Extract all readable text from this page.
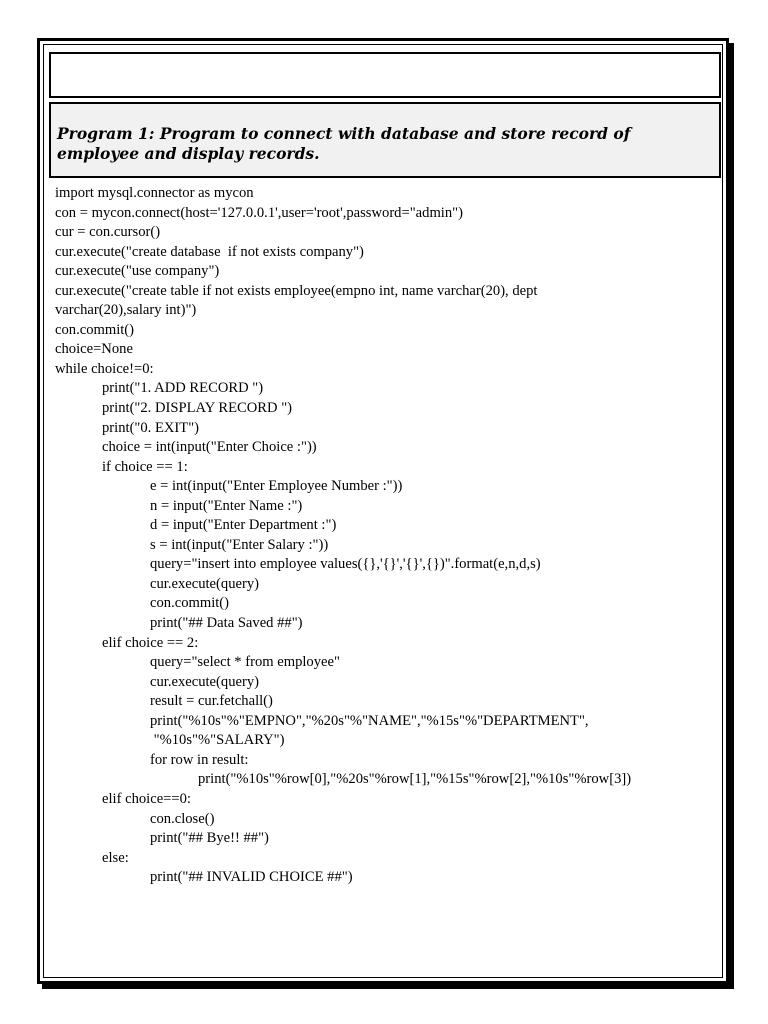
Program 1: Program to connect with database and store record of employee and display records.

import mysql.connector as mycon
con = mycon.connect(host='127.0.0.1',user='root',password="admin")
cur = con.cursor()
cur.execute("create database  if not exists company")
cur.execute("use company")
cur.execute("create table if not exists employee(empno int, name varchar(20), dept
varchar(20),salary int)")
con.commit()
choice=None
while choice!=0:
print("1. ADD RECORD ")
print("2. DISPLAY RECORD ")
print("0. EXIT")
choice = int(input("Enter Choice :"))
if choice == 1:
e = int(input("Enter Employee Number :"))
n = input("Enter Name :")
d = input("Enter Department :")
s = int(input("Enter Salary :"))
query="insert into employee values({},'{}','{}',{})".format(e,n,d,s)
cur.execute(query)
con.commit()
print("## Data Saved ##")
elif choice == 2:
query="select * from employee"
cur.execute(query)
result = cur.fetchall()
print("%10s"%"EMPNO","%20s"%"NAME","%15s"%"DEPARTMENT",
"%10s"%"SALARY")
for row in result:
print("%10s"%row[0],"%20s"%row[1],"%15s"%row[2],"%10s"%row[3])
elif choice==0:
con.close()
print("## Bye!! ##")
else:
print("## INVALID CHOICE ##")
